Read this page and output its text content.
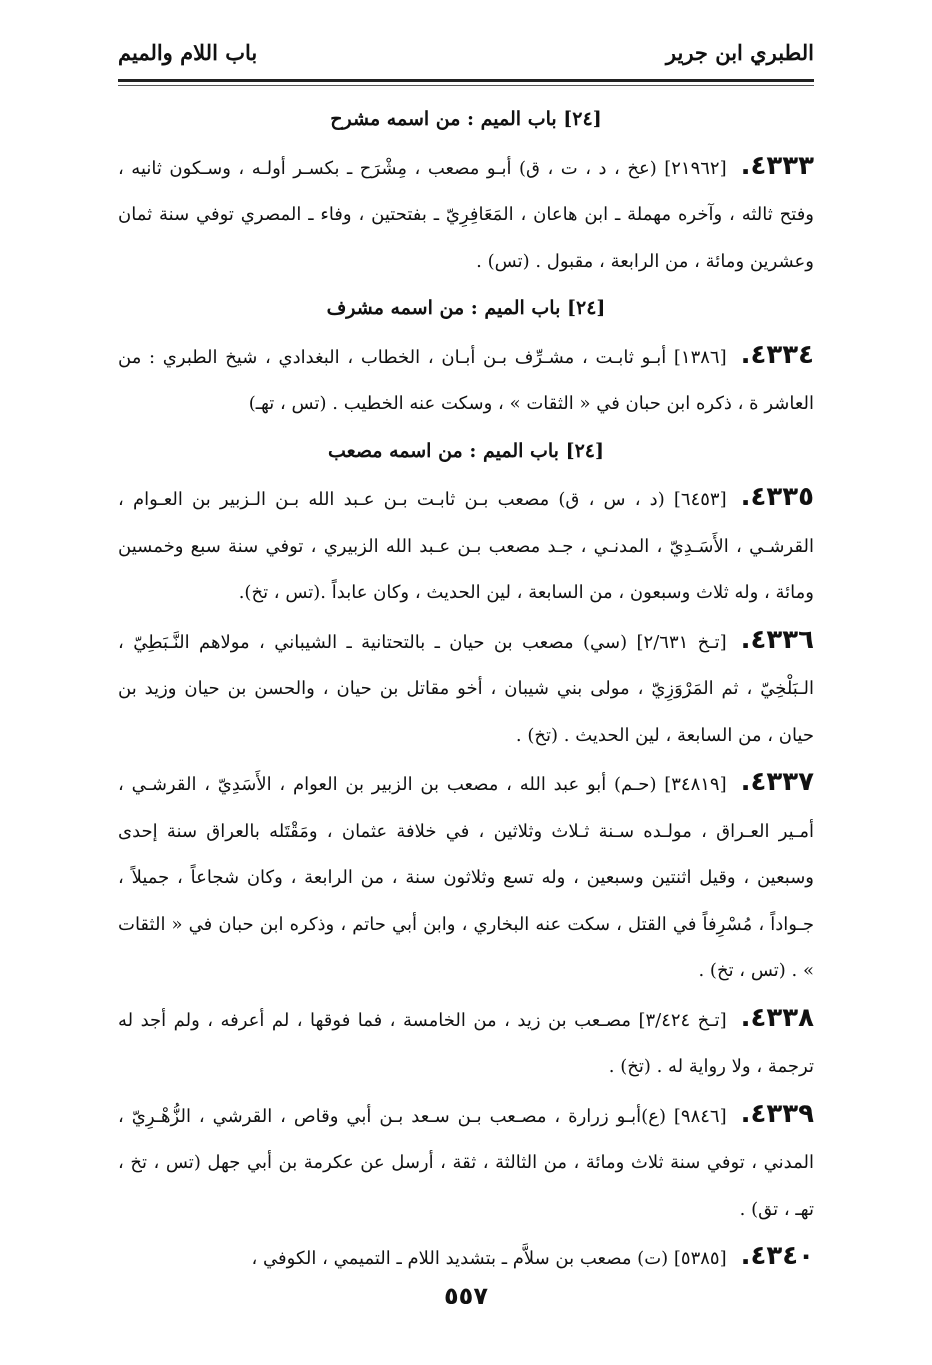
الطبري ابن جرير
باب اللام والميم
[٢٤] باب الميم : من اسمه مشرح

٤٣٣٣.[٢١٩٦٢] (عخ ، د ، ت ، ق) أبـو مصعب ، مِشْرَح ـ بكسـر أولـه ، وسـكون ثانيه ، وفتح ثالثه ، وآخره مهملة ـ ابن هاعان ، المَعَافِرِيّ ـ بفتحتين ، وفاء ـ المصري توفي سنة ثمان وعشرين ومائة ، من الرابعة ، مقبول . (تس) .

[٢٤] باب الميم : من اسمه مشرف

٤٣٣٤.[١٣٨٦] أبـو ثابـت ، مشـرِّف بـن أبـان ، الخطاب ، البغدادي ، شيخ الطبري : من العاشر ة ، ذكره ابن حبان في « الثقات » ، وسكت عنه الخطيب . (تس ، تهـ)

[٢٤] باب الميم : من اسمه مصعب

٤٣٣٥.[٦٤٥٣] (د ، س ، ق) مصعب بـن ثابـت بـن عـبد الله بـن الـزبير بن العـوام ، القرشـي ، الأَسَـدِيّ ، المدنـي ، جـد مصعب بـن عـبد الله الزبيري ، توفي سنة سبع وخمسين ومائة ، وله ثلاث وسبعون ، من السابعة ، لين الحديث ، وكان عابداً .(تس ، تخ).

٤٣٣٦.[تـخ ٢/٦٣١] (سي) مصعب بن حيان ـ بالتحتانية ـ الشيباني ، مولاهم النَّـبَطِيّ ، الـبَلْخِيّ ، ثم المَرْوَزِيّ ، مولى بني شيبان ، أخو مقاتل بن حيان ، والحسن بن حيان وزيد بن حيان ، من السابعة ، لين الحديث . (تخ) .

٤٣٣٧.[٣٤٨١٩] (حـم) أبو عبد الله ، مصعب بن الزبير بن العوام ، الأَسَدِيّ ، القرشـي ، أمـير العـراق ، مولـده سـنة ثـلاث وثلاثين ، في خلافة عثمان ، ومَقْتَله بالعراق سنة إحدى وسبعين ، وقيل اثنتين وسبعين ، وله تسع وثلاثون سنة ، من الرابعة ، وكان شجاعاً ، جميلاً ، جـواداً ، مُسْرِفاً في القتل ، سكت عنه البخاري ، وابن أبي حاتم ، وذكره ابن حبان في « الثقات » . (تس ، تخ) .

٤٣٣٨.[تـخ ٣/٤٢٤] مصـعب بن زيد ، من الخامسة ، فما فوقها ، لم أعرفه ، ولم أجد له ترجمة ، ولا رواية له . (تخ) .

٤٣٣٩.[٩٨٤٦] (ع)أبـو زرارة ، مصـعب بـن سـعد بـن أبي وقاص ، القرشي ، الزُّهْـرِيّ ، المدني ، توفي سنة ثلاث ومائة ، من الثالثة ، ثقة ، أرسل عن عكرمة بن أبي جهل (تس ، تخ ، تهـ ، تق) .

٤٣٤٠.[٥٣٨٥] (ت) مصعب بن سلاَّم ـ بتشديد اللام ـ التميمي ، الكوفي ،

٥٥٧
